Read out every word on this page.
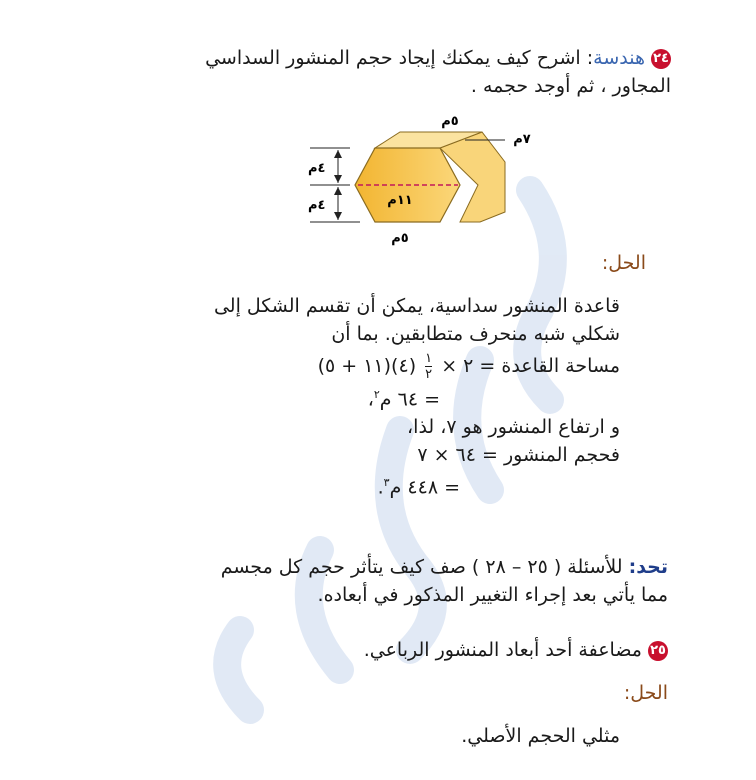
٢٤هندسة: اشرح كيف يمكنك إيجاد حجم المنشور السداسي
المجاور ، ثم أوجد حجمه .
٤م
٤م
٥م
٧م
١١م
٥م
الحل:
قاعدة المنشور سداسية، يمكن أن تقسم الشكل إلى
شكلي شبه منحرف متطابقين. بما أن
مساحة القاعدة = ٢ ×
$\frac{١}{٢}$
(٤)(١١ + ٥)
= ٦٤ م$^٢$،
و ارتفاع المنشور هو ٧، لذا،
فحجم المنشور = ٦٤ × ٧
= ٤٤٨ م$^٣$.
تحد: للأسئلة ( ٢٥ – ٢٨ ) صف كيف يتأثر حجم كل مجسم
مما يأتي بعد إجراء التغيير المذكور في أبعاده.
٢٥مضاعفة أحد أبعاد المنشور الرباعي.
الحل:
مثلي الحجم الأصلي.
